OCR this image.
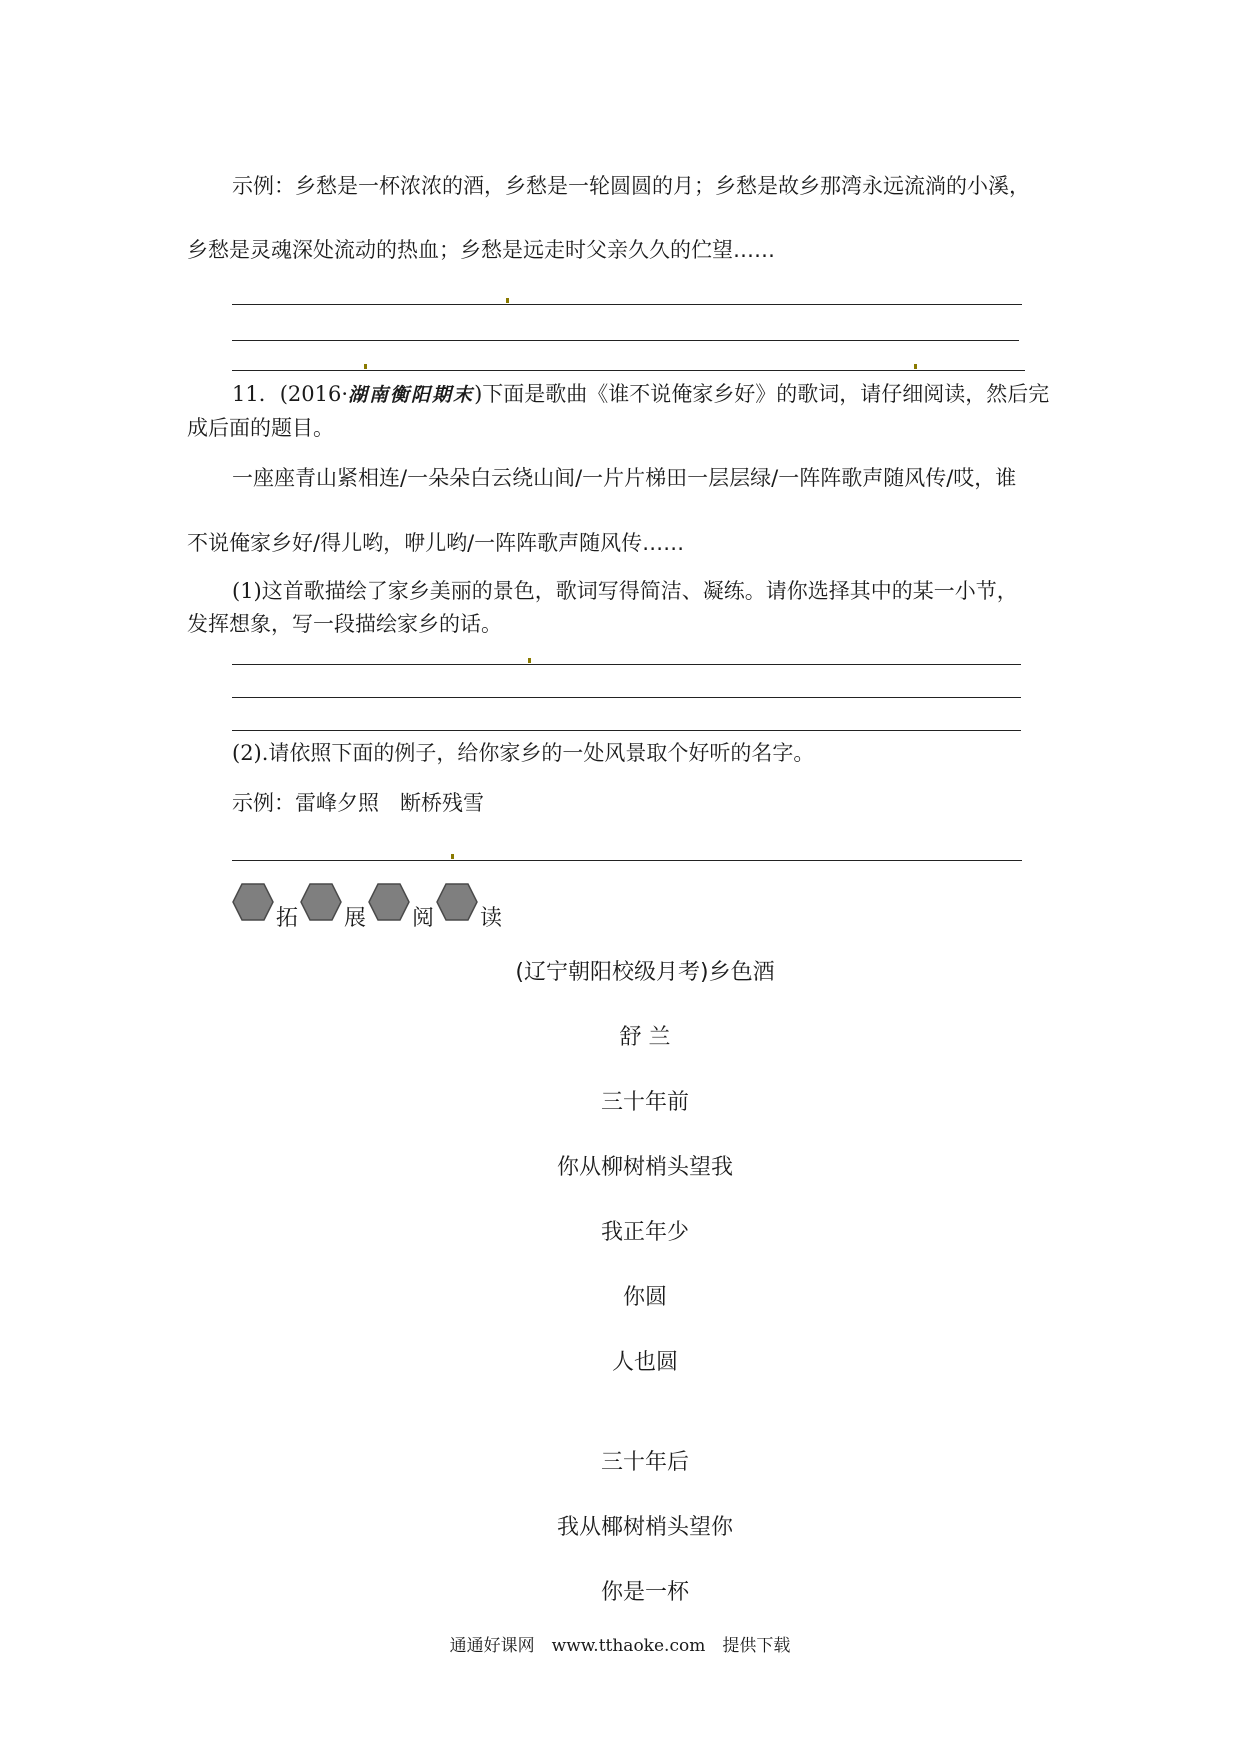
示例：乡愁是一杯浓浓的酒，乡愁是一轮圆圆的月；乡愁是故乡那湾永远流淌的小溪，
乡愁是灵魂深处流动的热血；乡愁是远走时父亲久久的伫望……
11．(2016·湖南衡阳期末)下面是歌曲《谁不说俺家乡好》的歌词，请仔细阅读，然后完
成后面的题目。
一座座青山紧相连/一朵朵白云绕山间/一片片梯田一层层绿/一阵阵歌声随风传/哎，谁
不说俺家乡好/得儿哟，咿儿哟/一阵阵歌声随风传……
(1)这首歌描绘了家乡美丽的景色，歌词写得简洁、凝练。请你选择其中的某一小节，
发挥想象，写一段描绘家乡的话。
(2).请依照下面的例子，给你家乡的一处风景取个好听的名字。
示例：雷峰夕照　断桥残雪
拓 展 阅 读
(辽宁朝阳校级月考)乡色酒
舒 兰
三十年前
你从柳树梢头望我
我正年少
你圆
人也圆
三十年后
我从椰树梢头望你
你是一杯
通通好课网　www.tthaoke.com　提供下载
